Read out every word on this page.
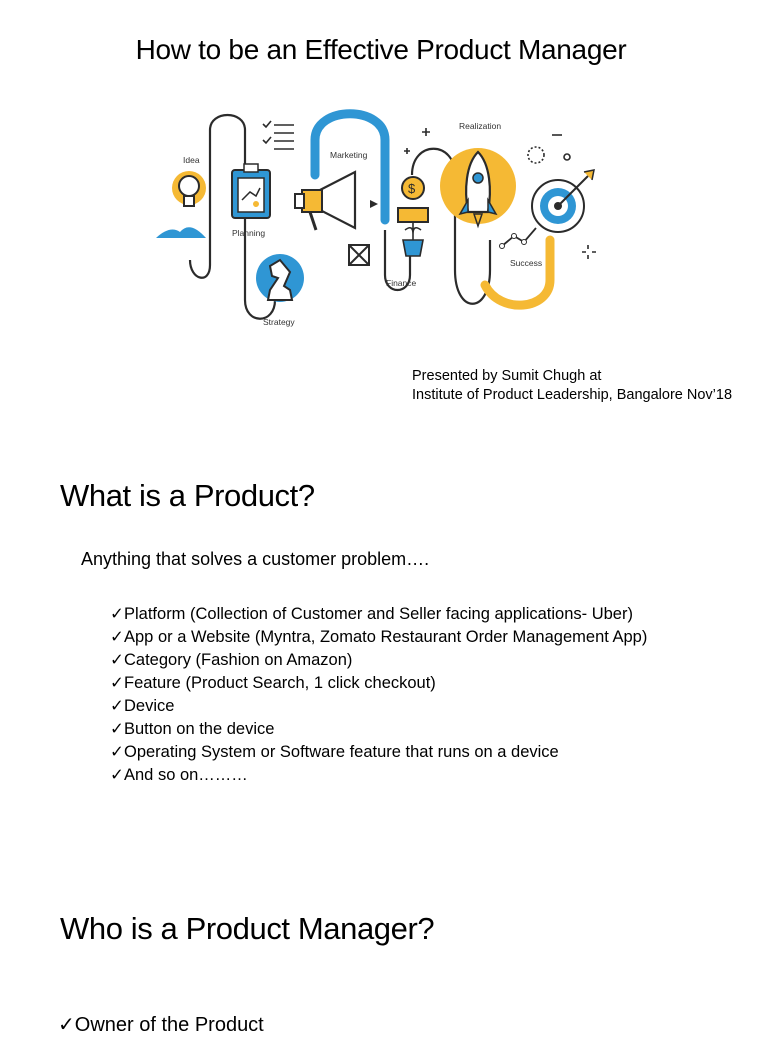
How to be an Effective Product Manager
Idea
Planning
Strategy
Marketing
$
Finance
Realization
Success
Presented by Sumit Chugh at
Institute of Product Leadership, Bangalore Nov’18
What is a Product?
Anything that solves a customer problem….
✓Platform (Collection of Customer and Seller facing applications- Uber)
✓App or a Website (Myntra, Zomato Restaurant Order Management App)
✓Category (Fashion on Amazon)
✓Feature (Product Search, 1 click checkout)
✓Device
✓Button on the device
✓Operating System or Software feature that runs on a device
✓And so on………
Who is a Product Manager?
✓Owner of the Product
